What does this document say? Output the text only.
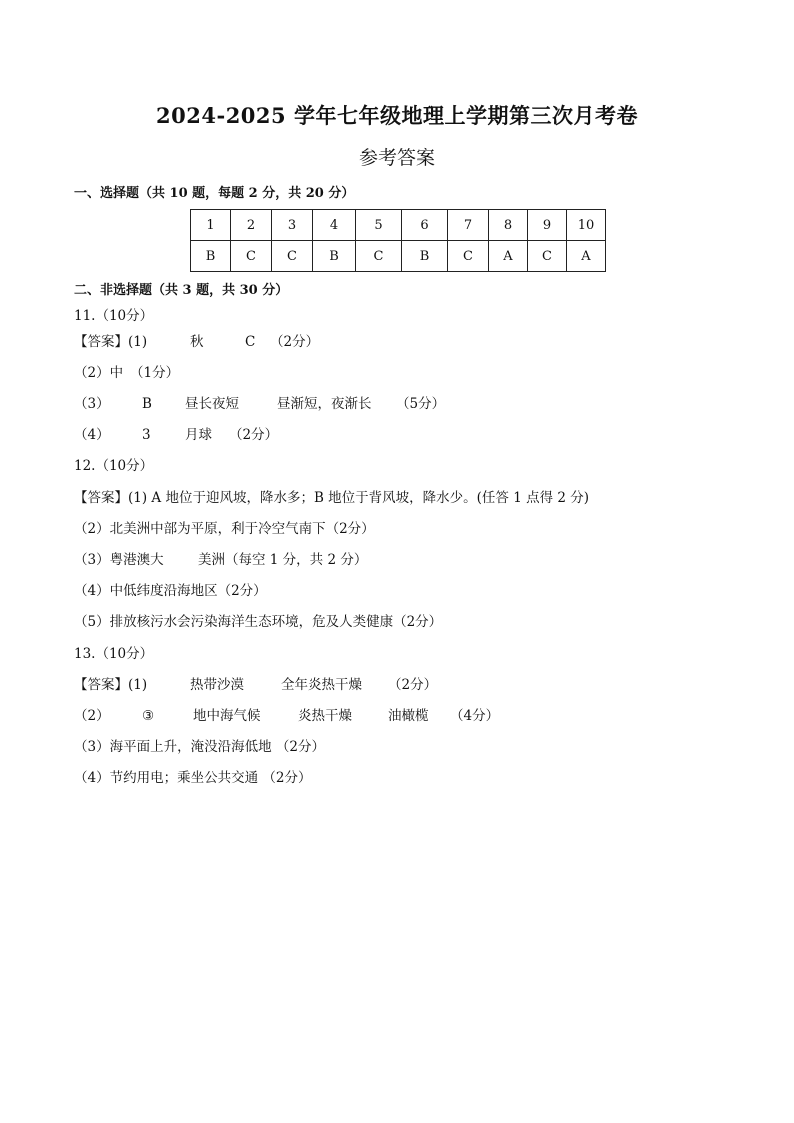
2024-2025 学年七年级地理上学期第三次月考卷
参考答案
一、选择题（共 10 题，每题 2 分，共 20 分）
1	2	3	4	5	6	7	8	9	10
B	C	C	B	C	B	C	A	C	A
二、非选择题（共 3 题，共 30 分）
11.（10分）
【答案】(1)	秋	C （2分）
（2）中 （1分）
（3） B 昼长夜短	昼渐短，夜渐长 （5分）
（4） 3	月球 （2分）
12.（10分）
【答案】(1) A 地位于迎风坡，降水多；B 地位于背风坡，降水少。(任答 1 点得 2 分)
（2）北美洲中部为平原，利于冷空气南下（2分）
（3）粤港澳大	美洲（每空 1 分，共 2 分）
（4）中低纬度沿海地区（2分）
（5）排放核污水会污染海洋生态环境，危及人类健康（2分）
13.（10分）
【答案】(1)	热带沙漠	全年炎热干燥 （2分）
（2） ③	地中海气候	炎热干燥	油橄榄 （4分）
（3）海平面上升，淹没沿海低地 （2分）
（4）节约用电；乘坐公共交通 （2分）
